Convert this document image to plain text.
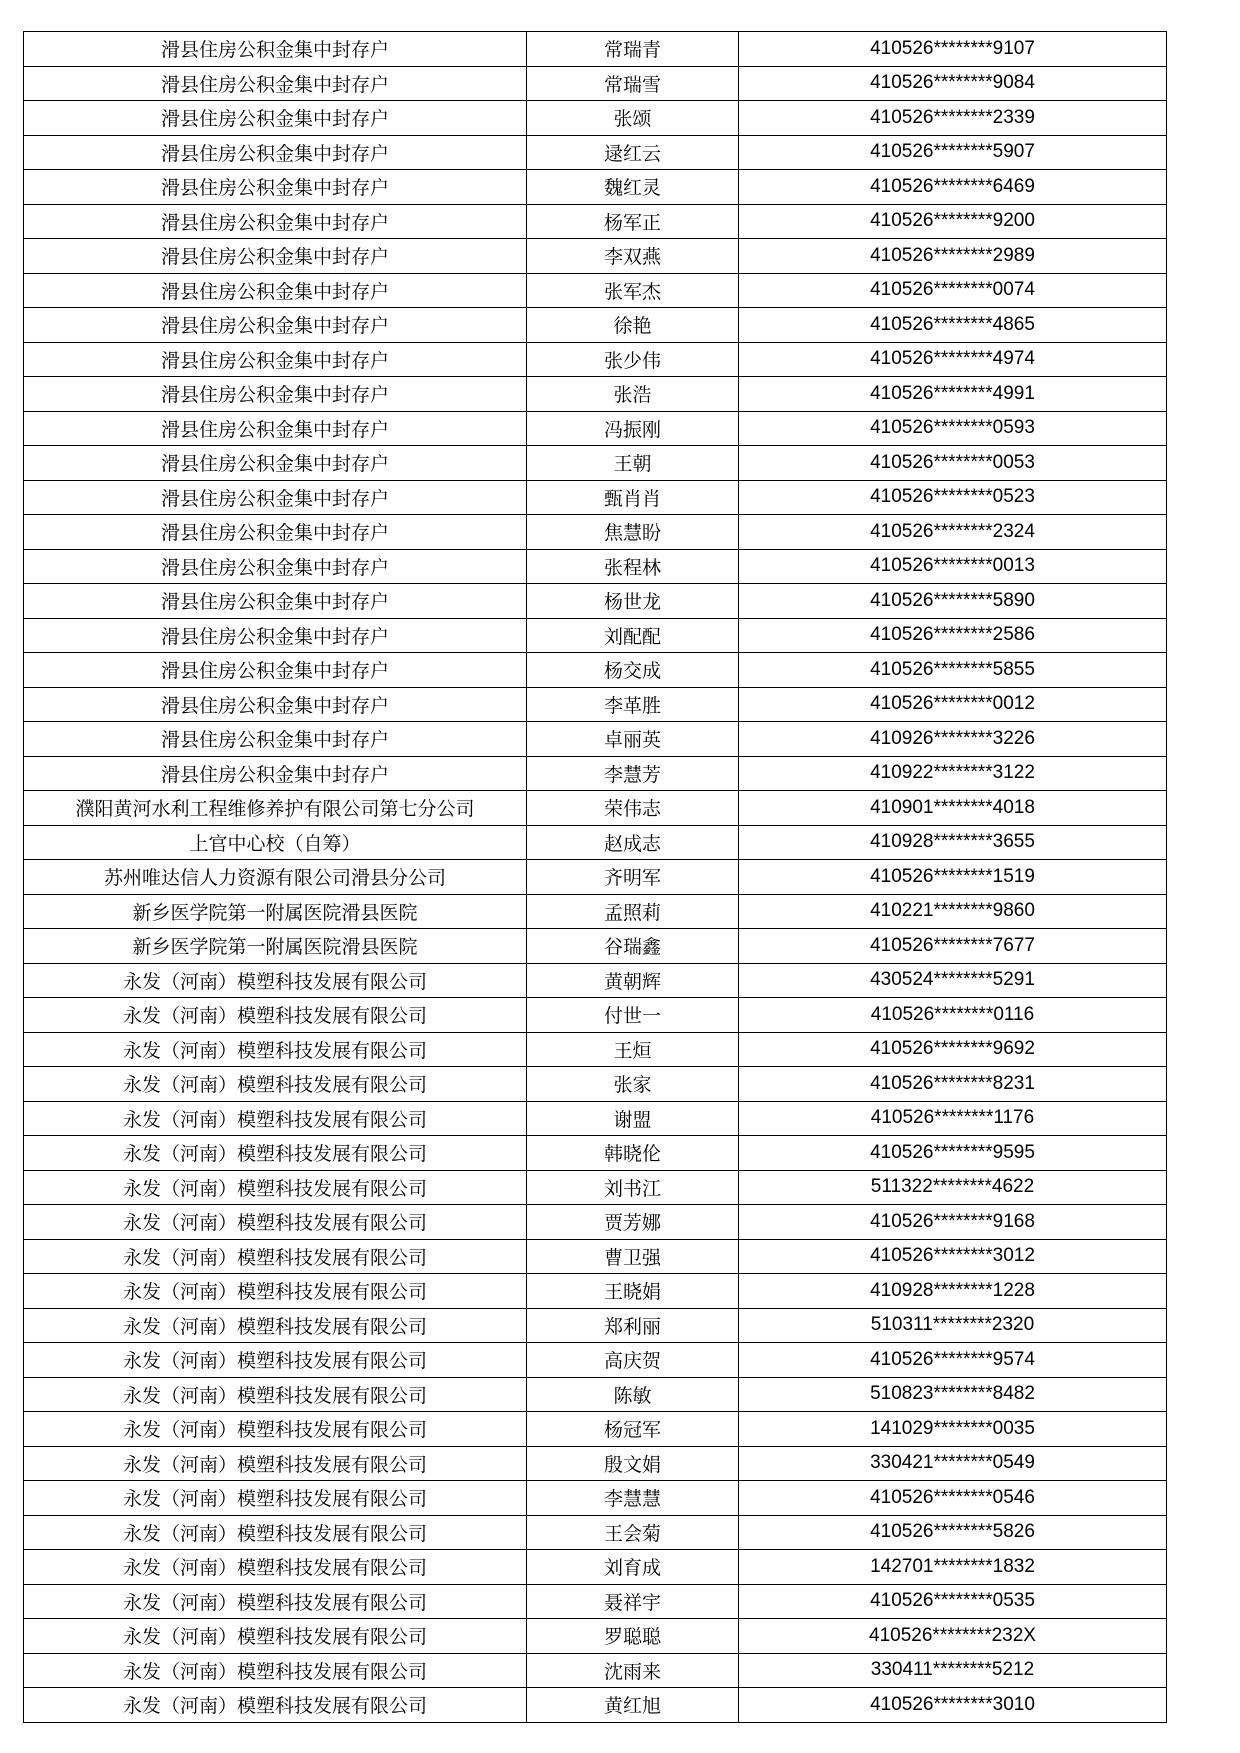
滑县住房公积金集中封存户	常瑞青	410526********9107
滑县住房公积金集中封存户	常瑞雪	410526********9084
滑县住房公积金集中封存户	张颂	410526********2339
滑县住房公积金集中封存户	逯红云	410526********5907
滑县住房公积金集中封存户	魏红灵	410526********6469
滑县住房公积金集中封存户	杨军正	410526********9200
滑县住房公积金集中封存户	李双燕	410526********2989
滑县住房公积金集中封存户	张军杰	410526********0074
滑县住房公积金集中封存户	徐艳	410526********4865
滑县住房公积金集中封存户	张少伟	410526********4974
滑县住房公积金集中封存户	张浩	410526********4991
滑县住房公积金集中封存户	冯振刚	410526********0593
滑县住房公积金集中封存户	王朝	410526********0053
滑县住房公积金集中封存户	甄肖肖	410526********0523
滑县住房公积金集中封存户	焦慧盼	410526********2324
滑县住房公积金集中封存户	张程林	410526********0013
滑县住房公积金集中封存户	杨世龙	410526********5890
滑县住房公积金集中封存户	刘配配	410526********2586
滑县住房公积金集中封存户	杨交成	410526********5855
滑县住房公积金集中封存户	李革胜	410526********0012
滑县住房公积金集中封存户	卓丽英	410926********3226
滑县住房公积金集中封存户	李慧芳	410922********3122
濮阳黄河水利工程维修养护有限公司第七分公司	荣伟志	410901********4018
上官中心校（自筹）	赵成志	410928********3655
苏州唯达信人力资源有限公司滑县分公司	齐明军	410526********1519
新乡医学院第一附属医院滑县医院	孟照莉	410221********9860
新乡医学院第一附属医院滑县医院	谷瑞鑫	410526********7677
永发（河南）模塑科技发展有限公司	黄朝辉	430524********5291
永发（河南）模塑科技发展有限公司	付世一	410526********0116
永发（河南）模塑科技发展有限公司	王烜	410526********9692
永发（河南）模塑科技发展有限公司	张家	410526********8231
永发（河南）模塑科技发展有限公司	谢盟	410526********1176
永发（河南）模塑科技发展有限公司	韩晓伦	410526********9595
永发（河南）模塑科技发展有限公司	刘书江	511322********4622
永发（河南）模塑科技发展有限公司	贾芳娜	410526********9168
永发（河南）模塑科技发展有限公司	曹卫强	410526********3012
永发（河南）模塑科技发展有限公司	王晓娟	410928********1228
永发（河南）模塑科技发展有限公司	郑利丽	510311********2320
永发（河南）模塑科技发展有限公司	高庆贺	410526********9574
永发（河南）模塑科技发展有限公司	陈敏	510823********8482
永发（河南）模塑科技发展有限公司	杨冠军	141029********0035
永发（河南）模塑科技发展有限公司	殷文娟	330421********0549
永发（河南）模塑科技发展有限公司	李慧慧	410526********0546
永发（河南）模塑科技发展有限公司	王会菊	410526********5826
永发（河南）模塑科技发展有限公司	刘育成	142701********1832
永发（河南）模塑科技发展有限公司	聂祥宇	410526********0535
永发（河南）模塑科技发展有限公司	罗聪聪	410526********232X
永发（河南）模塑科技发展有限公司	沈雨来	330411********5212
永发（河南）模塑科技发展有限公司	黄红旭	410526********3010
